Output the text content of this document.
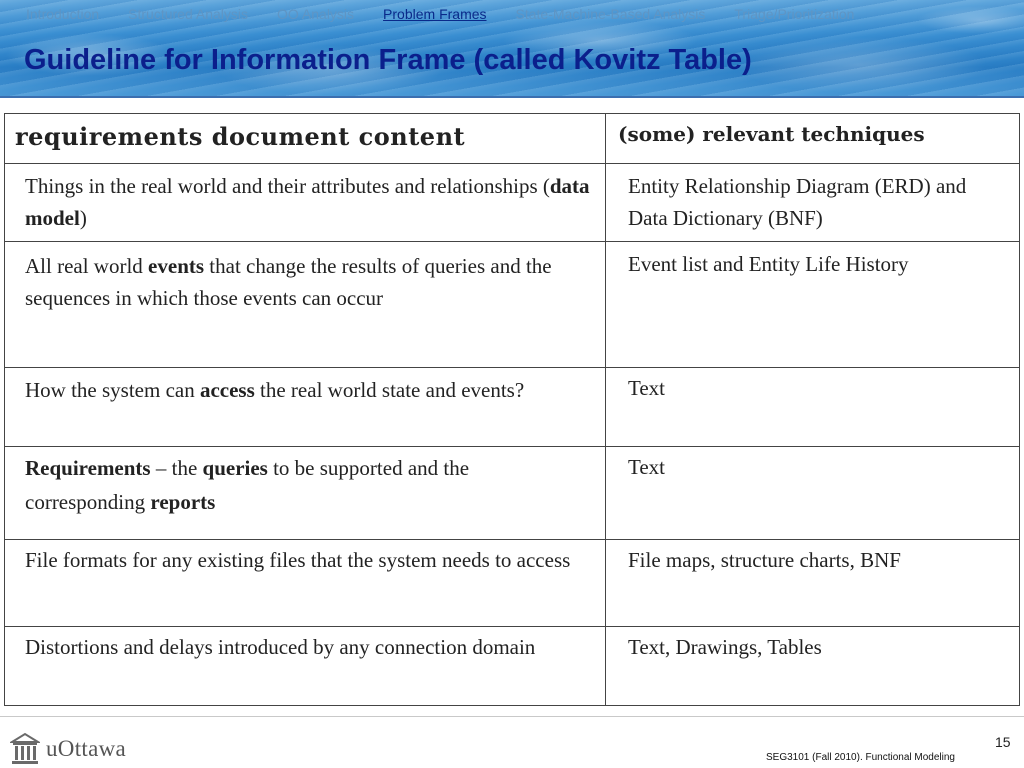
Introduction Structured Analysis OO Analysis Problem Frames State-Machine-Based Analysis Triage/Prioritization
Guideline for Information Frame (called Kovitz Table)
requirements document content	(some) relevant techniques
Things in the real world and their attributes and relationships (data model)	Entity Relationship Diagram (ERD) and Data Dictionary (BNF)
All real world events that change the results of queries and the sequences in which those events can occur	Event list and Entity Life History
How the system can access the real world state and events?	Text
Requirements – the queries to be supported and the corresponding reports	Text
File formats for any existing files that the system needs to access	File maps, structure charts, BNF
Distortions and delays introduced by any connection domain	Text, Drawings, Tables
uOttawa	15
SEG3101 (Fall 2010). Functional Modeling
